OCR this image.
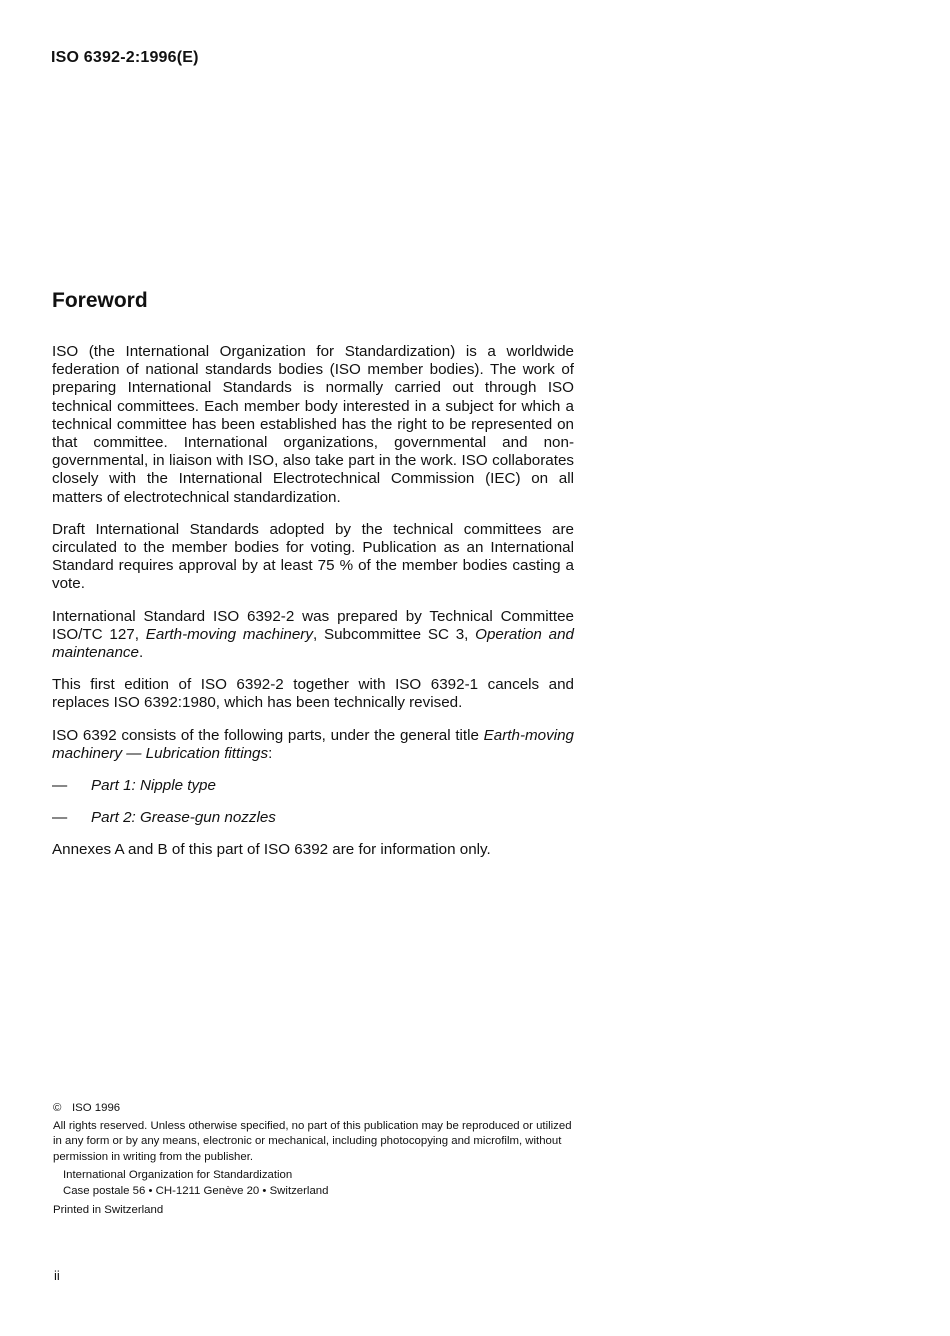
ISO 6392-2:1996(E)
Foreword

ISO (the International Organization for Standardization) is a worldwide federation of national standards bodies (ISO member bodies). The work of preparing International Standards is normally carried out through ISO technical committees. Each member body interested in a subject for which a technical committee has been established has the right to be represented on that committee. International organizations, governmental and non-governmental, in liaison with ISO, also take part in the work. ISO collaborates closely with the International Electrotechnical Commission (IEC) on all matters of electrotechnical standardization.

Draft International Standards adopted by the technical committees are circulated to the member bodies for voting. Publication as an International Standard requires approval by at least 75 % of the member bodies casting a vote.

International Standard ISO 6392-2 was prepared by Technical Committee ISO/TC 127, Earth-moving machinery, Subcommittee SC 3, Operation and maintenance.

This first edition of ISO 6392-2 together with ISO 6392-1 cancels and replaces ISO 6392:1980, which has been technically revised.

ISO 6392 consists of the following parts, under the general title Earth-moving machinery — Lubrication fittings:

—	Part 1: Nipple type
—	Part 2: Grease-gun nozzles

Annexes A and B of this part of ISO 6392 are for information only.

© ISO 1996
All rights reserved. Unless otherwise specified, no part of this publication may be reproduced or utilized in any form or by any means, electronic or mechanical, including photocopying and microfilm, without permission in writing from the publisher.
International Organization for Standardization
Case postale 56 • CH-1211 Genève 20 • Switzerland
Printed in Switzerland
ii
